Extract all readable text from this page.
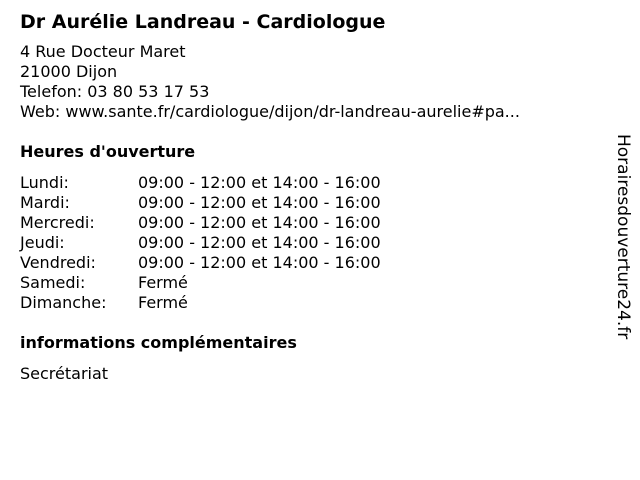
Dr Aurélie Landreau - Cardiologue
4 Rue Docteur Maret
21000 Dijon
Telefon: 03 80 53 17 53
Web: www.sante.fr/cardiologue/dijon/dr-landreau-aurelie#pa...
Heures d'ouverture
Lundi:	09:00 - 12:00 et 14:00 - 16:00
Mardi:	09:00 - 12:00 et 14:00 - 16:00
Mercredi:	09:00 - 12:00 et 14:00 - 16:00
Jeudi:	09:00 - 12:00 et 14:00 - 16:00
Vendredi:	09:00 - 12:00 et 14:00 - 16:00
Samedi:	Fermé
Dimanche:	Fermé
informations complémentaires
Secrétariat
Horairesdouverture24.fr
